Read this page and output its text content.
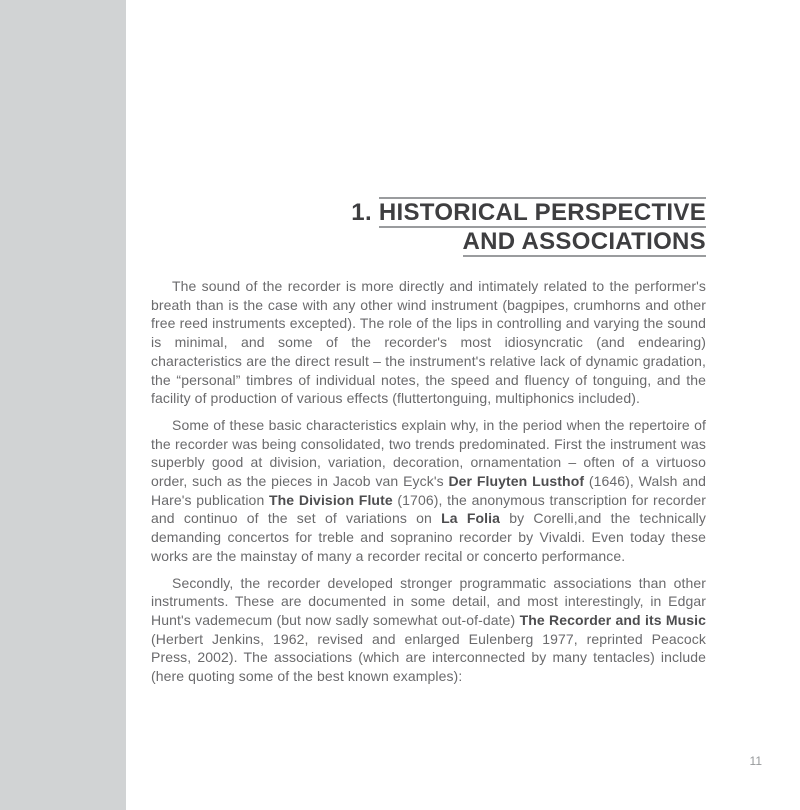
1. HISTORICAL PERSPECTIVE
AND ASSOCIATIONS

The sound of the recorder is more directly and intimately related to the performer's breath than is the case with any other wind instrument (bagpipes, crumhorns and other free reed instruments excepted). The role of the lips in controlling and varying the sound is minimal, and some of the recorder's most idiosyncratic (and endearing) characteristics are the direct result – the instrument's relative lack of dynamic gradation, the “personal” timbres of individual notes, the speed and fluency of tonguing, and the facility of production of various effects (fluttertonguing, multiphonics included).

Some of these basic characteristics explain why, in the period when the repertoire of the recorder was being consolidated, two trends predominated. First the instrument was superbly good at division, variation, decoration, ornamentation – often of a virtuoso order, such as the pieces in Jacob van Eyck's Der Fluyten Lusthof (1646), Walsh and Hare's publication The Division Flute (1706), the anonymous transcription for recorder and continuo of the set of variations on La Folia by Corelli,and the technically demanding concertos for treble and sopranino recorder by Vivaldi. Even today these works are the mainstay of many a recorder recital or concerto performance.

Secondly, the recorder developed stronger programmatic associations than other instruments. These are documented in some detail, and most interestingly, in Edgar Hunt's vademecum (but now sadly somewhat out-of-date) The Recorder and its Music (Herbert Jenkins, 1962, revised and enlarged Eulenberg 1977, reprinted Peacock Press, 2002). The associations (which are interconnected by many tentacles) include (here quoting some of the best known examples):

11
